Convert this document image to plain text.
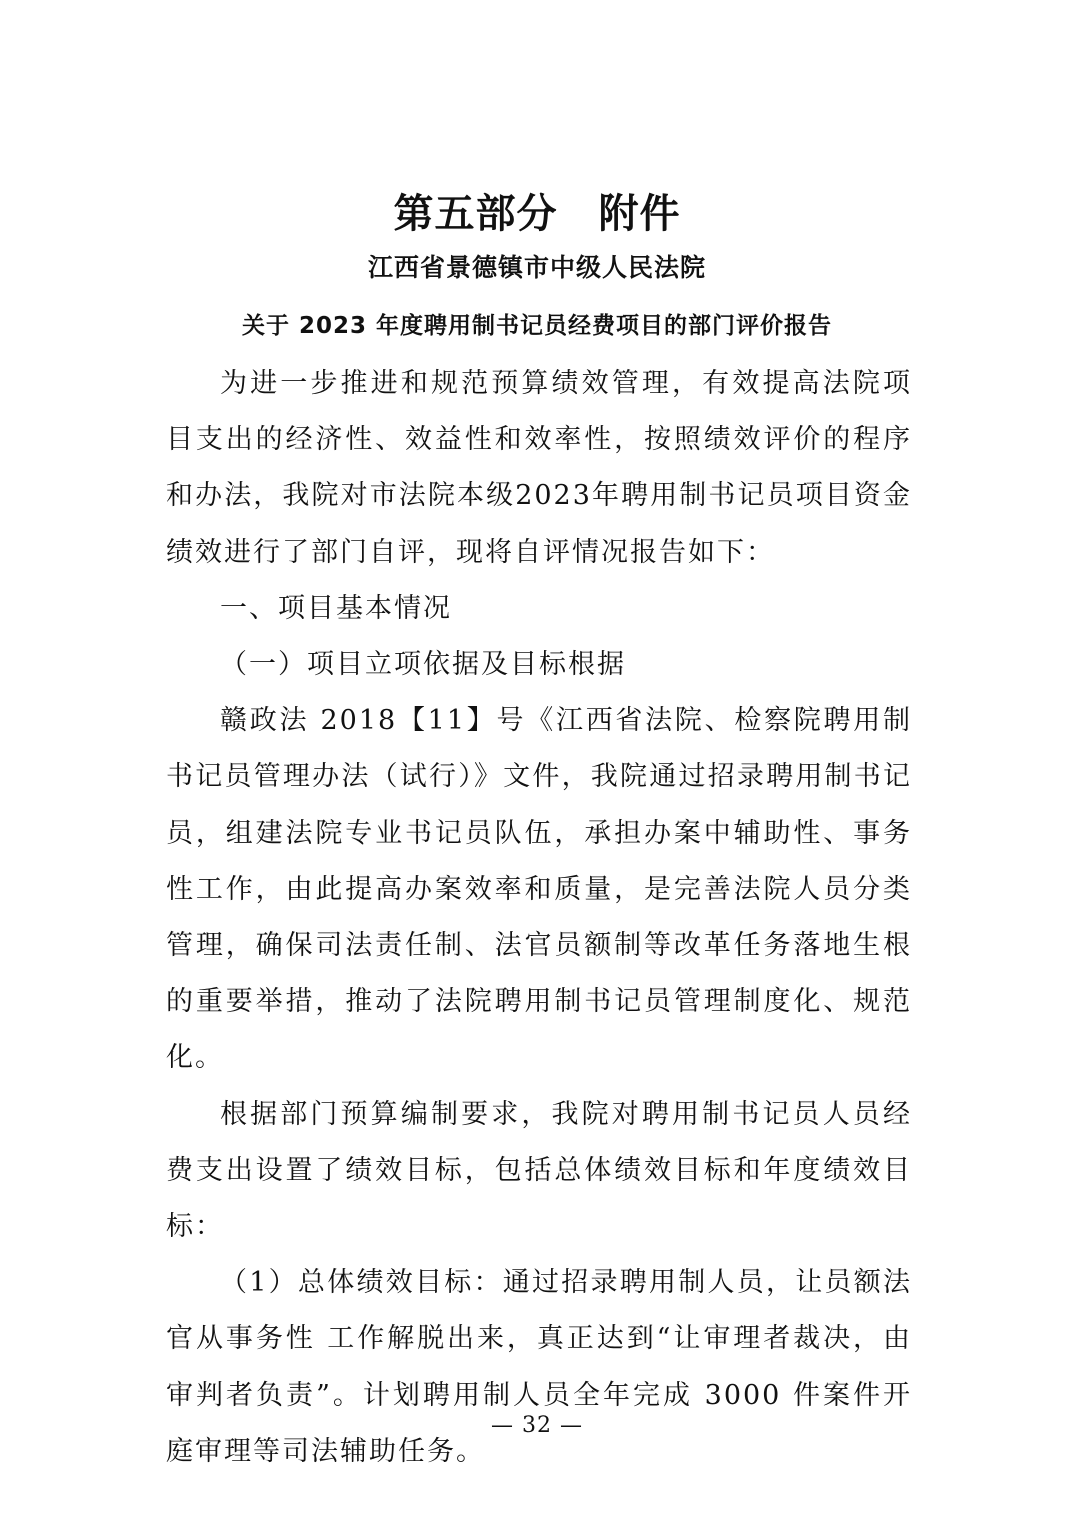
第五部分　附件
江西省景德镇市中级人民法院
关于 2023 年度聘用制书记员经费项目的部门评价报告

为进一步推进和规范预算绩效管理，有效提高法院项目支出的经济性、效益性和效率性，按照绩效评价的程序和办法，我院对市法院本级2023年聘用制书记员项目资金绩效进行了部门自评，现将自评情况报告如下：

一、项目基本情况

（一）项目立项依据及目标根据

赣政法 2018【11】号《江西省法院、检察院聘用制书记员管理办法（试行）》文件，我院通过招录聘用制书记员，组建法院专业书记员队伍，承担办案中辅助性、事务性工作，由此提高办案效率和质量，是完善法院人员分类管理，确保司法责任制、法官员额制等改革任务落地生根的重要举措，推动了法院聘用制书记员管理制度化、规范化。

根据部门预算编制要求，我院对聘用制书记员人员经费支出设置了绩效目标，包括总体绩效目标和年度绩效目标：

（1）总体绩效目标：通过招录聘用制人员，让员额法官从事务性 工作解脱出来，真正达到“让审理者裁决，由审判者负责”。计划聘用制人员全年完成 3000 件案件开庭审理等司法辅助任务。

— 32 —
